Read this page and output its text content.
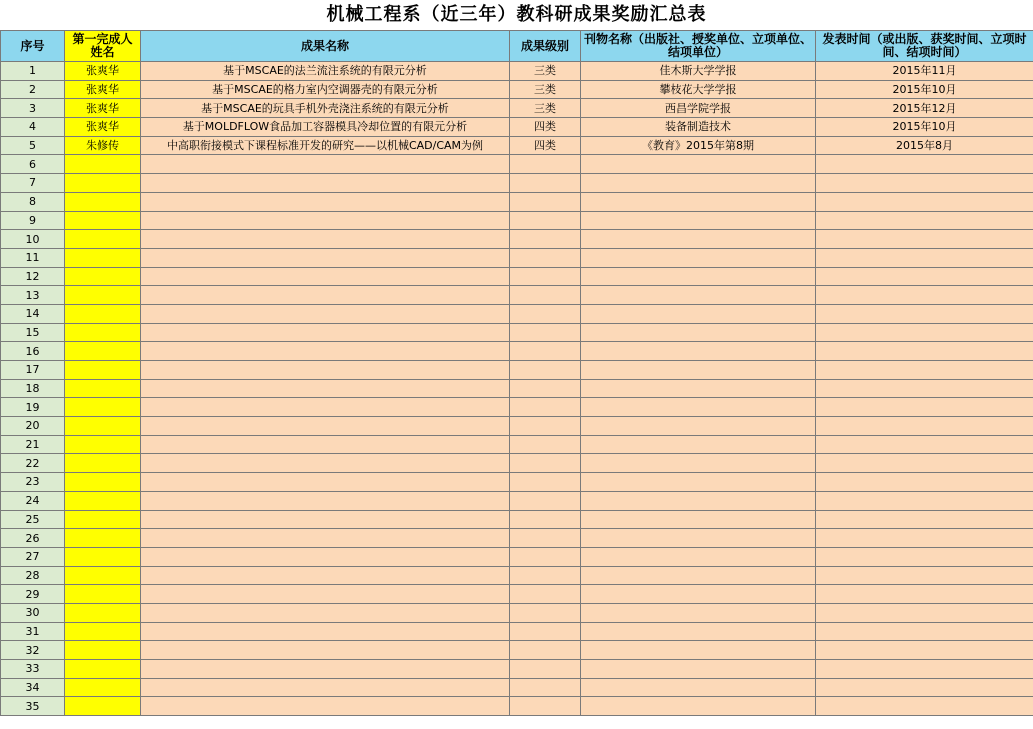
机械工程系（近三年）教科研成果奖励汇总表
序号	第一完成人姓名	成果名称	成果级别	刊物名称（出版社、授奖单位、立项单位、结项单位）	发表时间（或出版、获奖时间、立项时间、结项时间）
1	张爽华	基于MSCAE的法兰流注系统的有限元分析	三类	佳木斯大学学报	2015年11月
2	张爽华	基于MSCAE的格力室内空调器壳的有限元分析	三类	攀枝花大学学报	2015年10月
3	张爽华	基于MSCAE的玩具手机外壳浇注系统的有限元分析	三类	西昌学院学报	2015年12月
4	张爽华	基于MOLDFLOW食品加工容器模具冷却位置的有限元分析	四类	装备制造技术	2015年10月
5	朱修传	中高职衔接模式下课程标准开发的研究——以机械CAD/CAM为例	四类	《教育》2015年第8期	2015年8月
6					
7					
8					
9					
10					
11					
12					
13					
14					
15					
16					
17					
18					
19					
20					
21					
22					
23					
24					
25					
26					
27					
28					
29					
30					
31					
32					
33					
34					
35					
